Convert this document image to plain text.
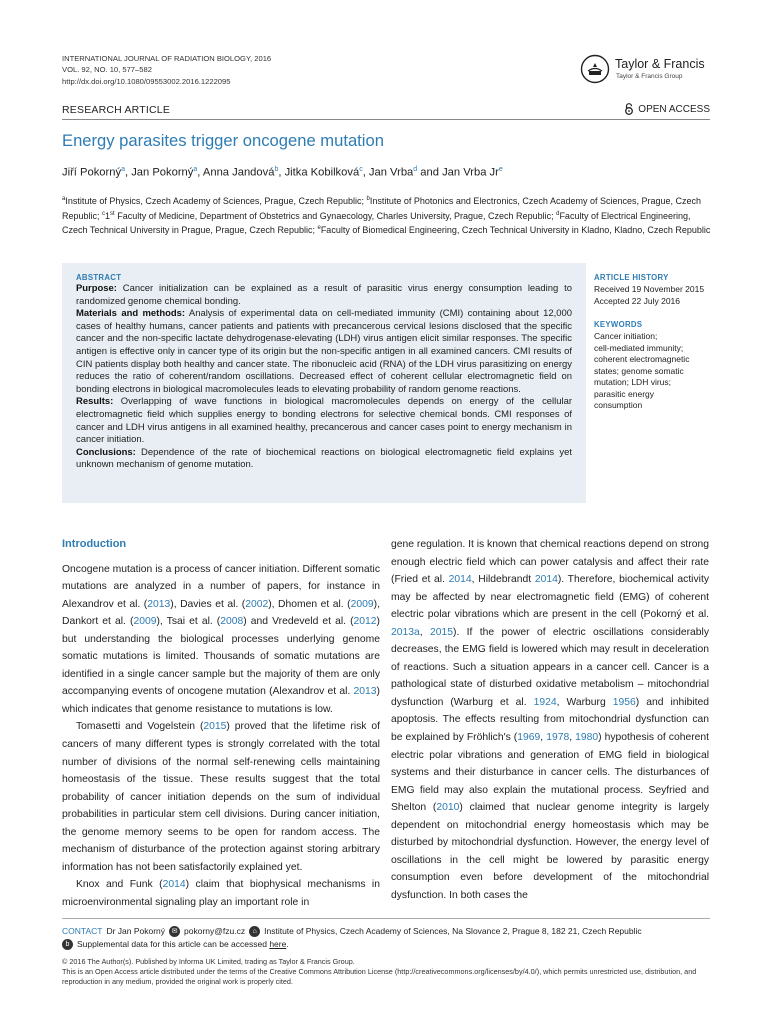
INTERNATIONAL JOURNAL OF RADIATION BIOLOGY, 2016
VOL. 92, NO. 10, 577–582
http://dx.doi.org/10.1080/09553002.2016.1222095
Taylor & Francis
Taylor & Francis Group
RESEARCH ARTICLE	OPEN ACCESS
Energy parasites trigger oncogene mutation
Jiří Pokorný$^a$, Jan Pokorný$^a$, Anna Jandová$^b$, Jitka Kobilková$^c$, Jan Vrba$^d$ and Jan Vrba Jr$^e$
$^a$Institute of Physics, Czech Academy of Sciences, Prague, Czech Republic; $^b$Institute of Photonics and Electronics, Czech Academy of Sciences, Prague, Czech Republic; $^c$1st Faculty of Medicine, Department of Obstetrics and Gynaecology, Charles University, Prague, Czech Republic; $^d$Faculty of Electrical Engineering, Czech Technical University in Prague, Prague, Czech Republic; $^e$Faculty of Biomedical Engineering, Czech Technical University in Kladno, Kladno, Czech Republic
ABSTRACT
Purpose: Cancer initialization can be explained as a result of parasitic virus energy consumption leading to randomized genome chemical bonding.
Materials and methods: Analysis of experimental data on cell-mediated immunity (CMI) containing about 12,000 cases of healthy humans, cancer patients and patients with precancerous cervical lesions disclosed that the specific cancer and the non-specific lactate dehydrogenase-elevating (LDH) virus antigen elicit similar responses. The specific antigen is effective only in cancer type of its origin but the non-specific antigen in all examined cancers. CMI results of CIN patients display both healthy and cancer state. The ribonucleic acid (RNA) of the LDH virus parasitizing on energy reduces the ratio of coherent/random oscillations. Decreased effect of coherent cellular electromagnetic field on bonding electrons in biological macromolecules leads to elevating probability of random genome reactions.
Results: Overlapping of wave functions in biological macromolecules depends on energy of the cellular electromagnetic field which supplies energy to bonding electrons for selective chemical bonds. CMI responses of cancer and LDH virus antigens in all examined healthy, precancerous and cancer cases point to energy mechanism in cancer initiation.
Conclusions: Dependence of the rate of biochemical reactions on biological electromagnetic field explains yet unknown mechanism of genome mutation.
ARTICLE HISTORY
Received 19 November 2015
Accepted 22 July 2016
KEYWORDS
Cancer initiation;
cell-mediated immunity;
coherent electromagnetic
states; genome somatic
mutation; LDH virus;
parasitic energy
consumption
Introduction

Oncogene mutation is a process of cancer initiation. Different somatic mutations are analyzed in a number of papers, for instance in Alexandrov et al. (2013), Davies et al. (2002), Dhomen et al. (2009), Dankort et al. (2009), Tsai et al. (2008) and Vredeveld et al. (2012) but understanding the biological processes underlying genome somatic mutations is limited. Thousands of somatic mutations are identified in a single cancer sample but the majority of them are only accompanying events of oncogene mutation (Alexandrov et al. 2013) which indicates that genome resistance to mutations is low.

Tomasetti and Vogelstein (2015) proved that the lifetime risk of cancers of many different types is strongly correlated with the total number of divisions of the normal self-renewing cells maintaining homeostasis of the tissue. These results suggest that the total probability of cancer initiation depends on the sum of individual probabilities in particular stem cell divisions. During cancer initiation, the genome memory seems to be open for random access. The mechanism of disturbance of the protection against storing arbitrary information has not been satisfactorily explained yet.

Knox and Funk (2014) claim that biophysical mechanisms in microenvironmental signaling play an important role in

gene regulation. It is known that chemical reactions depend on strong enough electric field which can power catalysis and affect their rate (Fried et al. 2014, Hildebrandt 2014). Therefore, biochemical activity may be affected by near electromagnetic field (EMG) of coherent electric polar vibrations which are present in the cell (Pokorný et al. 2013a, 2015). If the power of electric oscillations considerably decreases, the EMG field is lowered which may result in deceleration of reactions. Such a situation appears in a cancer cell. Cancer is a pathological state of disturbed oxidative metabolism – mitochondrial dysfunction (Warburg et al. 1924, Warburg 1956) and inhibited apoptosis. The effects resulting from mitochondrial dysfunction can be explained by Fröhlich's (1969, 1978, 1980) hypothesis of coherent electric polar vibrations and generation of EMG field in biological systems and their disturbance in cancer cells. The disturbances of EMG field may also explain the mutational process. Seyfried and Shelton (2010) claimed that nuclear genome integrity is largely dependent on mitochondrial energy homeostasis which may be disturbed by mitochondrial dysfunction. However, the energy level of oscillations in the cell might be lowered by parasitic energy consumption even before development of the mitochondrial dysfunction. In both cases the

CONTACT Dr Jan Pokorný ✉ pokorny@fzu.cz	⌂ Institute of Physics, Czech Academy of Sciences, Na Slovance 2, Prague 8, 182 21, Czech Republic
b Supplemental data for this article can be accessed here.
© 2016 The Author(s). Published by Informa UK Limited, trading as Taylor & Francis Group.
This is an Open Access article distributed under the terms of the Creative Commons Attribution License (http://creativecommons.org/licenses/by/4.0/), which permits unrestricted use, distribution, and reproduction in any medium, provided the original work is properly cited.
